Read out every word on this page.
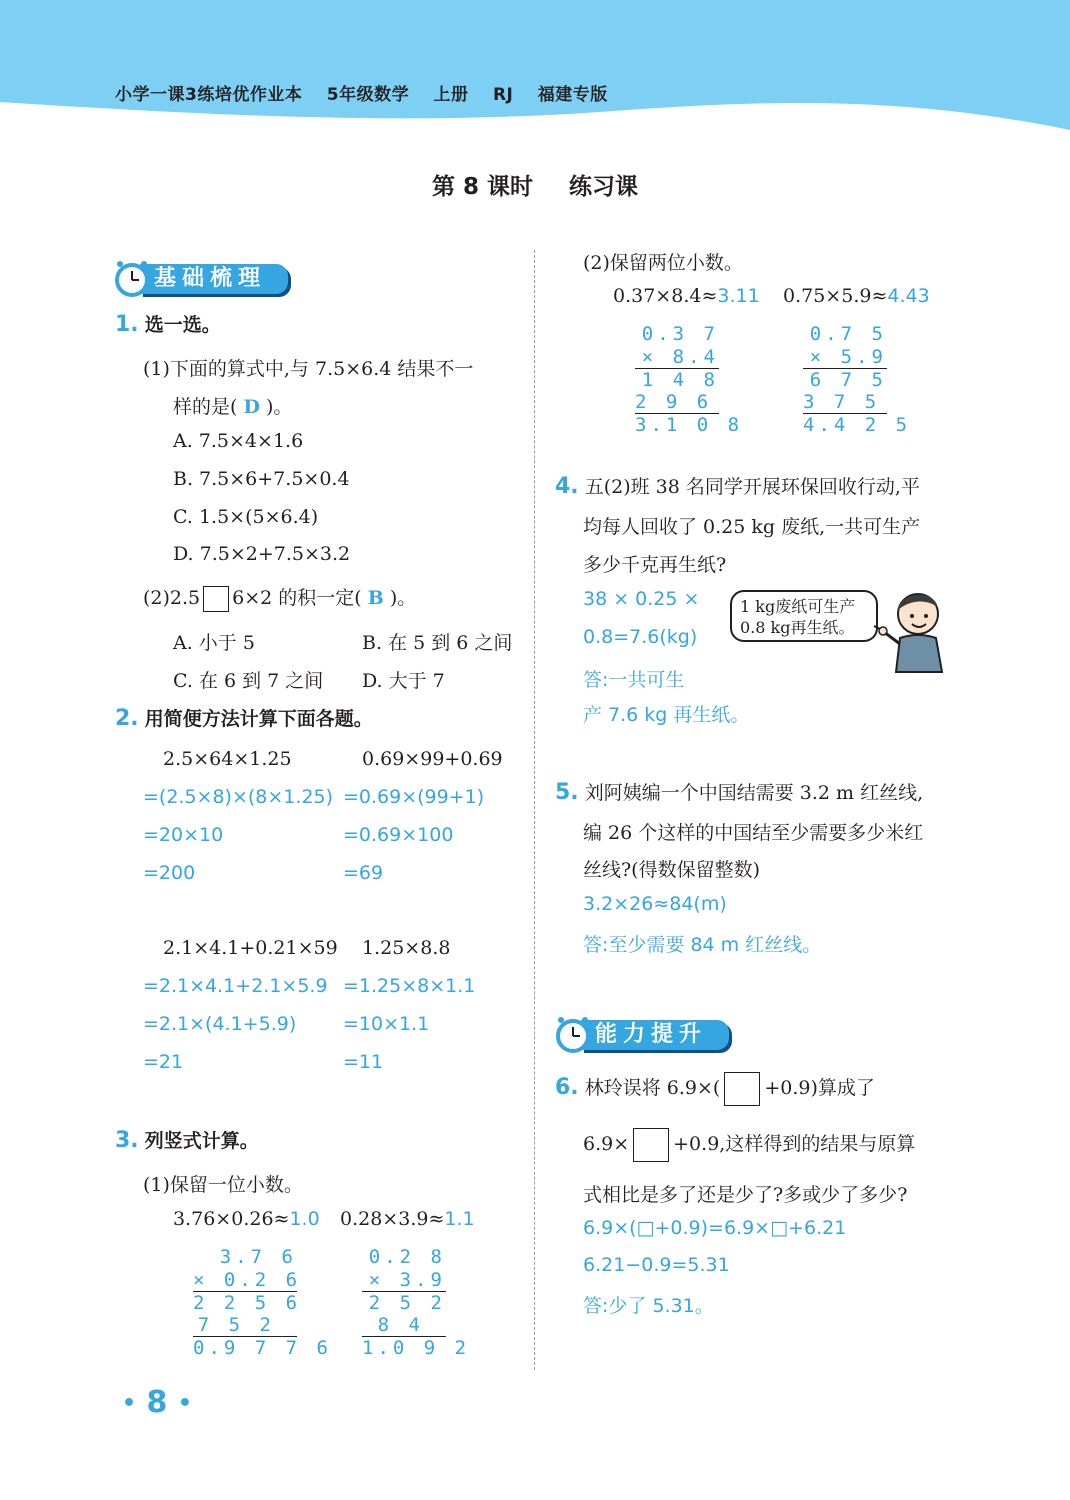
小学一课3练培优作业本 5年级数学 上册 RJ 福建专版
第 8 课时 练习课
基础梳理
1. 选一选。
(1)下面的算式中,与 7.5×6.4 结果不一
样的是( D )。
A. 7.5×4×1.6
B. 7.5×6+7.5×0.4
C. 1.5×(5×6.4)
D. 7.5×2+7.5×3.2
(2)2.5 6×2 的积一定( B )。
A. 小于 5	B. 在 5 到 6 之间
C. 在 6 到 7 之间 D. 大于 7
2. 用简便方法计算下面各题。
2.5×64×1.25
=(2.5×8)×(8×1.25)
=20×10
=200
0.69×99+0.69
=0.69×(99+1)
=0.69×100
=69
2.1×4.1+0.21×59
=2.1×4.1+2.1×5.9
=2.1×(4.1+5.9)
=21
1.25×8.8
=1.25×8×1.1
=10×1.1
=11
3. 列竖式计算。
(1)保留一位小数。
3.76×0.26≈1.0 0.28×3.9≈1.1
3.7 6
× 0.2 6
2 2 5 6
7 5 2
0.9 7 7 6
0.2 8
× 3.9
2 5 2
8 4
1.0 9 2
(2)保留两位小数。
0.37×8.4≈3.11 0.75×5.9≈4.43
0.3 7
× 8.4
1 4 8
2 9 6
3.1 0 8
0.7 5
× 5.9
6 7 5
3 7 5
4.4 2 5
4. 五(2)班 38 名同学开展环保回收行动,平
均每人回收了 0.25 kg 废纸,一共可生产
多少千克再生纸?
38 × 0.25 ×
0.8=7.6(kg)
答:一共可生
产 7.6 kg 再生纸。
1 kg废纸可生产
0.8 kg再生纸。
5. 刘阿姨编一个中国结需要 3.2 m 红丝线,
编 26 个这样的中国结至少需要多少米红
丝线?(得数保留整数)
3.2×26≈84(m)
答:至少需要 84 m 红丝线。
能力提升
6. 林玲误将 6.9×( +0.9)算成了
6.9× +0.9,这样得到的结果与原算
式相比是多了还是少了?多或少了多少?
6.9×(□+0.9)=6.9×□+6.21
6.21−0.9=5.31
答:少了 5.31。
• 8 •
